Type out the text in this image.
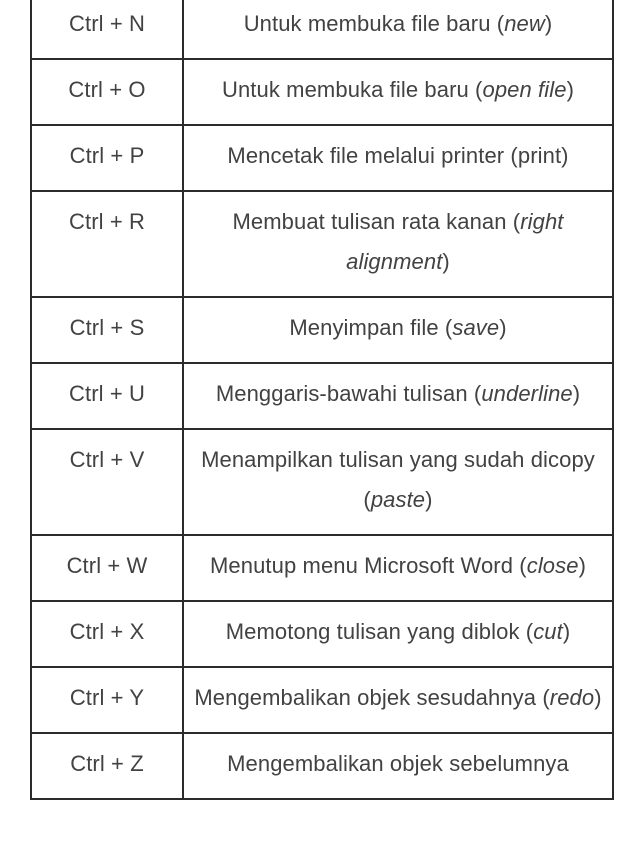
Ctrl + N	Untuk membuka file baru (new)
Ctrl + O	Untuk membuka file baru (open file)
Ctrl + P	Mencetak file melalui printer (print)
Ctrl + R	Membuat tulisan rata kanan (right alignment)
Ctrl + S	Menyimpan file (save)
Ctrl + U	Menggaris-bawahi tulisan (underline)
Ctrl + V	Menampilkan tulisan yang sudah dicopy (paste)
Ctrl + W	Menutup menu Microsoft Word (close)
Ctrl + X	Memotong tulisan yang diblok (cut)
Ctrl + Y	Mengembalikan objek sesudahnya (redo)
Ctrl + Z	Mengembalikan objek sebelumnya
